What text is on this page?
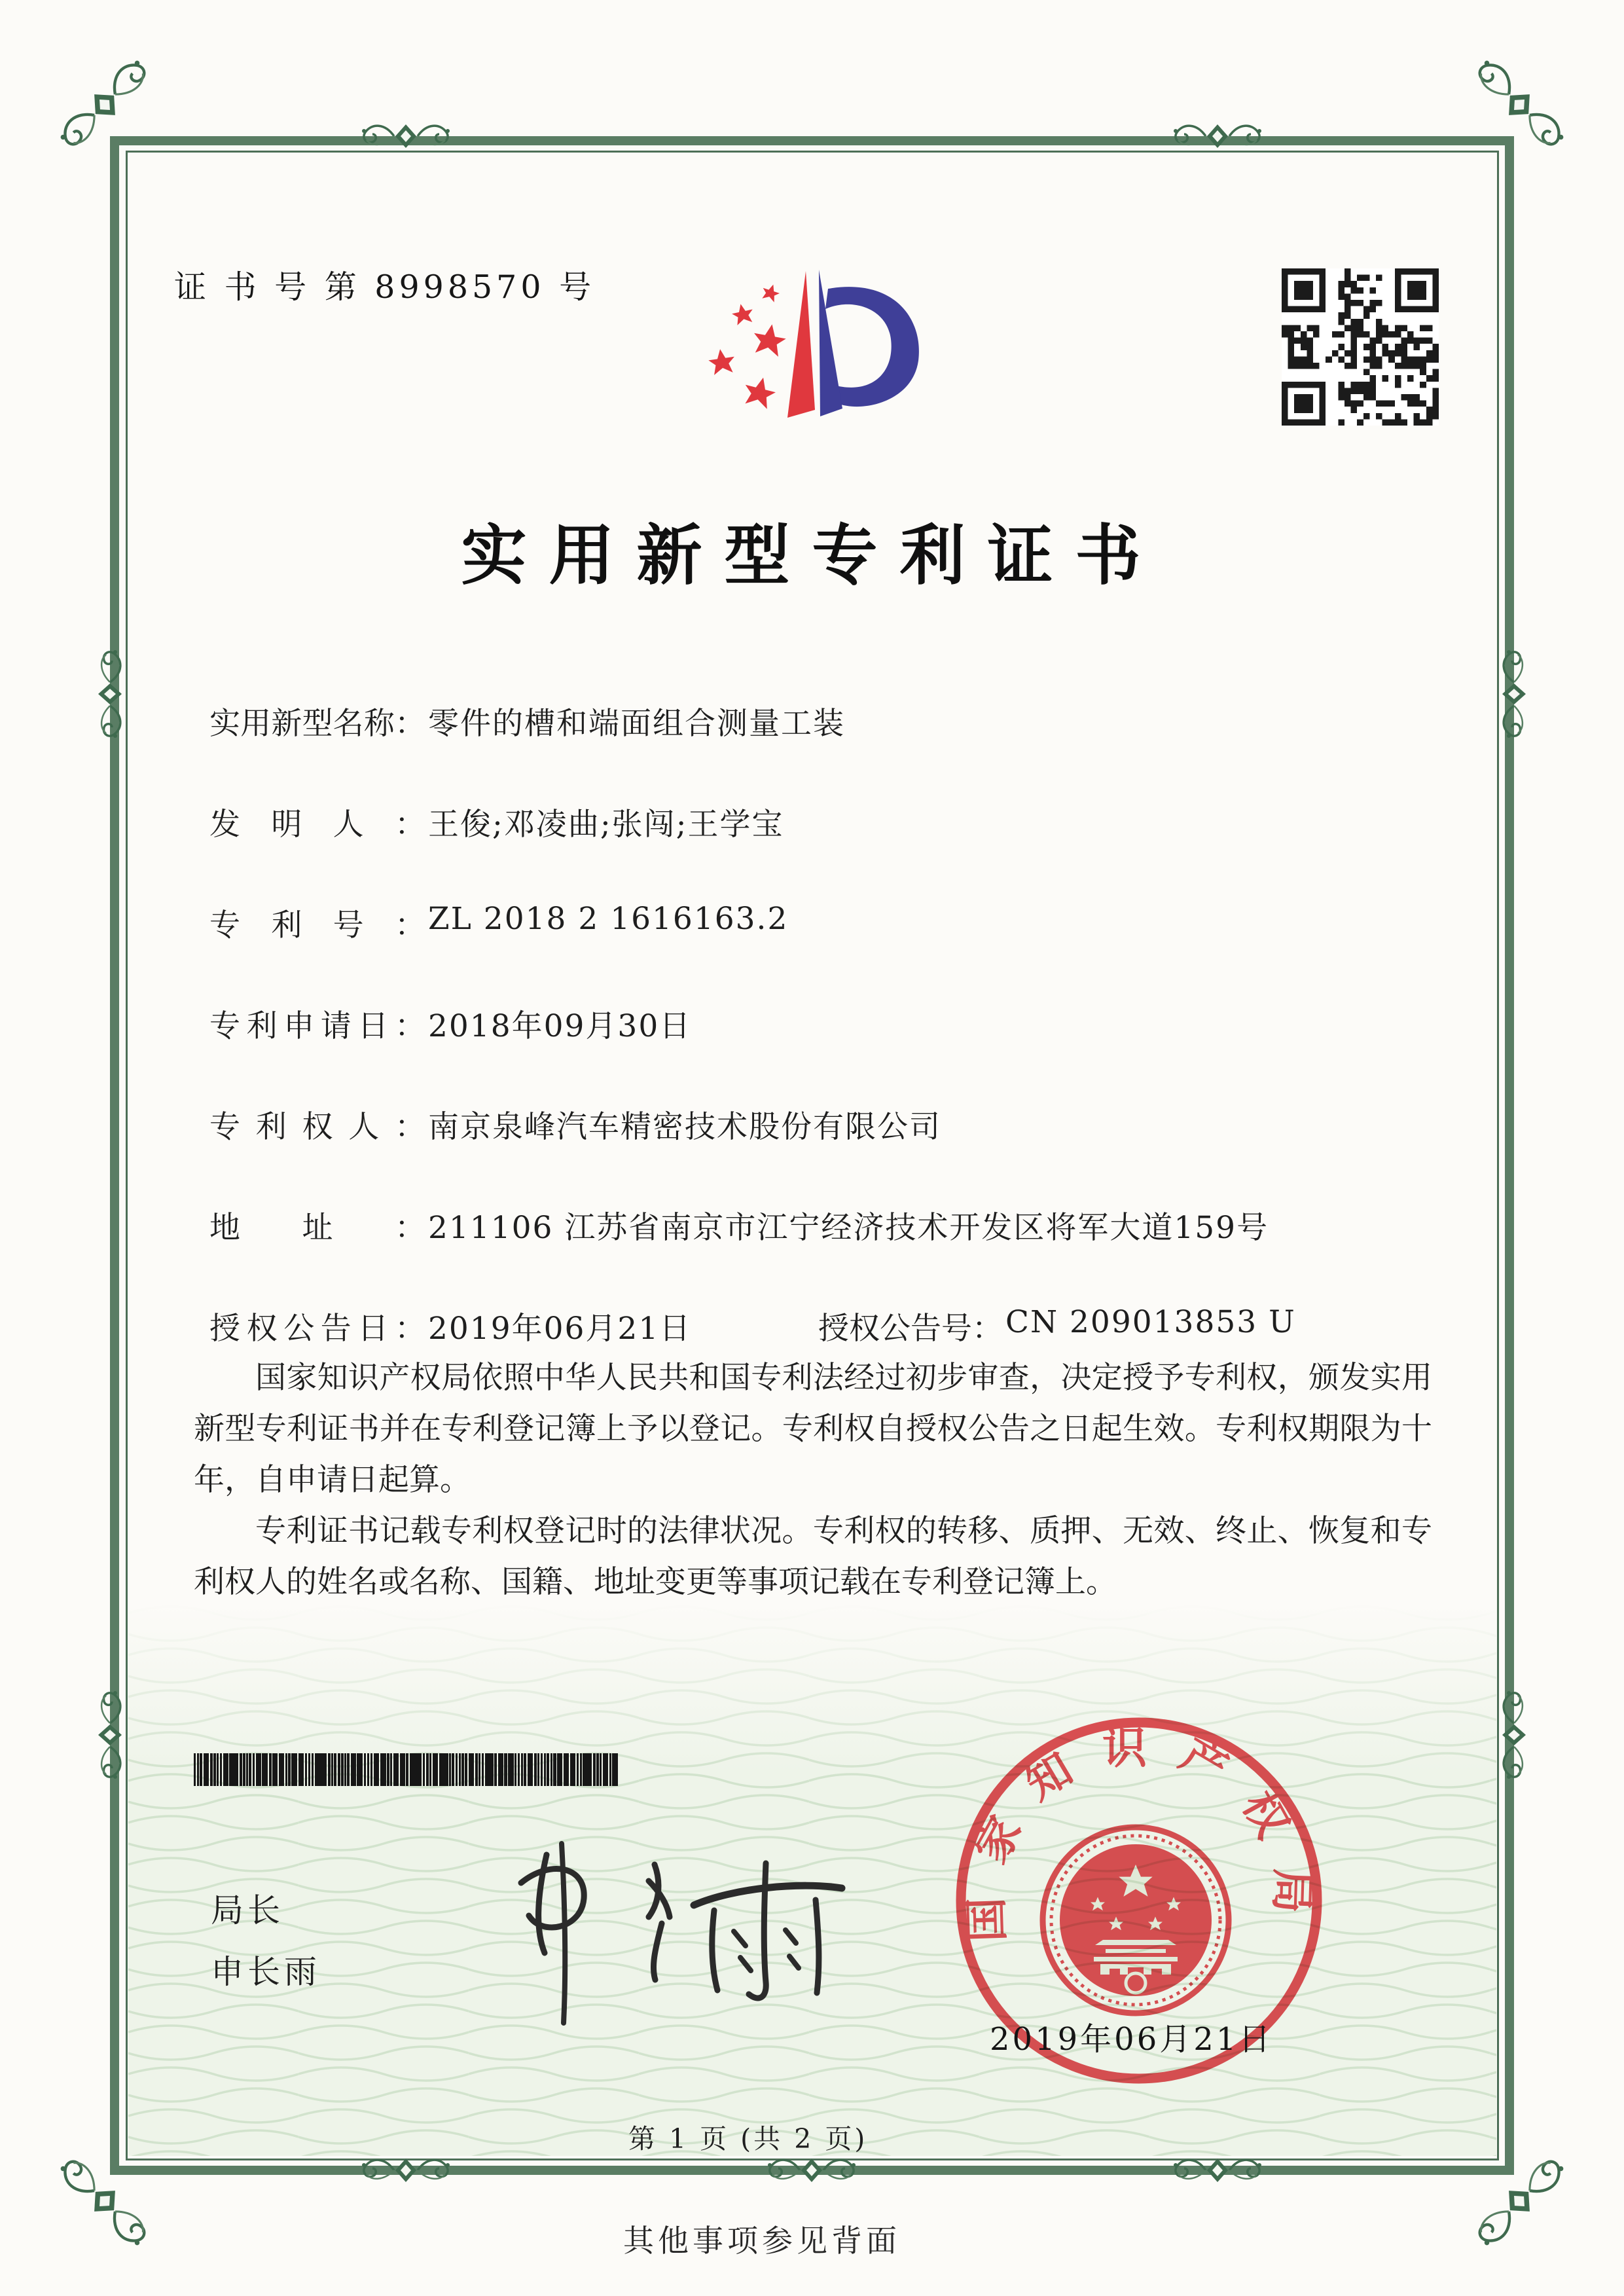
证 书 号 第 8998570 号
实用新型专利证书
实用新型名称： 零件的槽和端面组合测量工装
发明人： 王俊;邓凌曲;张闯;王学宝
专利号： ZL 2018 2 1616163.2
专利申请日： 2018年09月30日
专利权人： 南京泉峰汽车精密技术股份有限公司
地址： 211106 江苏省南京市江宁经济技术开发区将军大道159号
授权公告日： 2019年06月21日	授权公告号： CN 209013853 U

国家知识产权局依照中华人民共和国专利法经过初步审查，决定授予专利权，颁发实用新型专利证书并在专利登记簿上予以登记。专利权自授权公告之日起生效。专利权期限为十年，自申请日起算。

专利证书记载专利权登记时的法律状况。专利权的转移、质押、无效、终止、恢复和专利权人的姓名或名称、国籍、地址变更等事项记载在专利登记簿上。

局长
申长雨
国家知识产权局
2019年06月21日
第 1 页 (共 2 页)
其他事项参见背面
